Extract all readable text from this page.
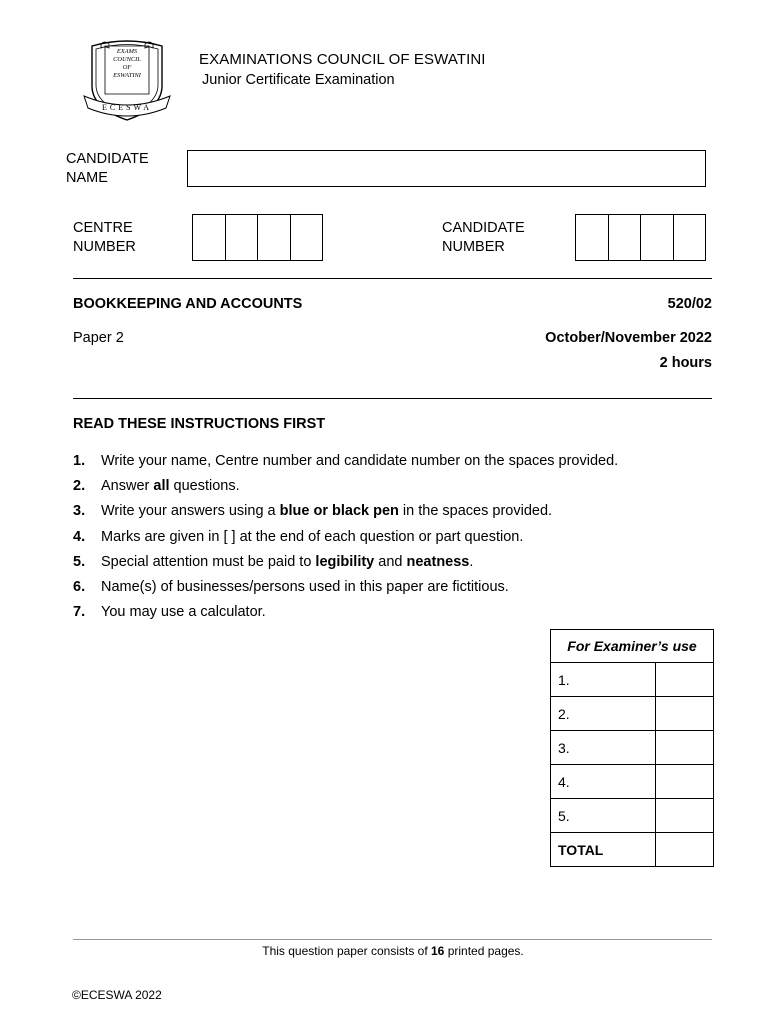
EXAMS
COUNCIL
OF
ESWATINI
ECESWA
EXAMINATIONS COUNCIL OF ESWATINI
Junior Certificate Examination
CANDIDATE
NAME
CENTRE
NUMBER
CANDIDATE
NUMBER
BOOKKEEPING AND ACCOUNTS	520/02
Paper 2	October/November 2022
2 hours
READ THESE INSTRUCTIONS FIRST
1.	Write your name, Centre number and candidate number on the spaces provided.
2.	Answer all questions.
3.	Write your answers using a blue or black pen in the spaces provided.
4.	Marks are given in [ ] at the end of each question or part question.
5.	Special attention must be paid to legibility and neatness.
6.	Name(s) of businesses/persons used in this paper are fictitious.
7.	You may use a calculator.
For Examiner’s use	
1.	
2.	
3.	
4.	
5.	
TOTAL	
This question paper consists of 16 printed pages.
©ECESWA 2022
